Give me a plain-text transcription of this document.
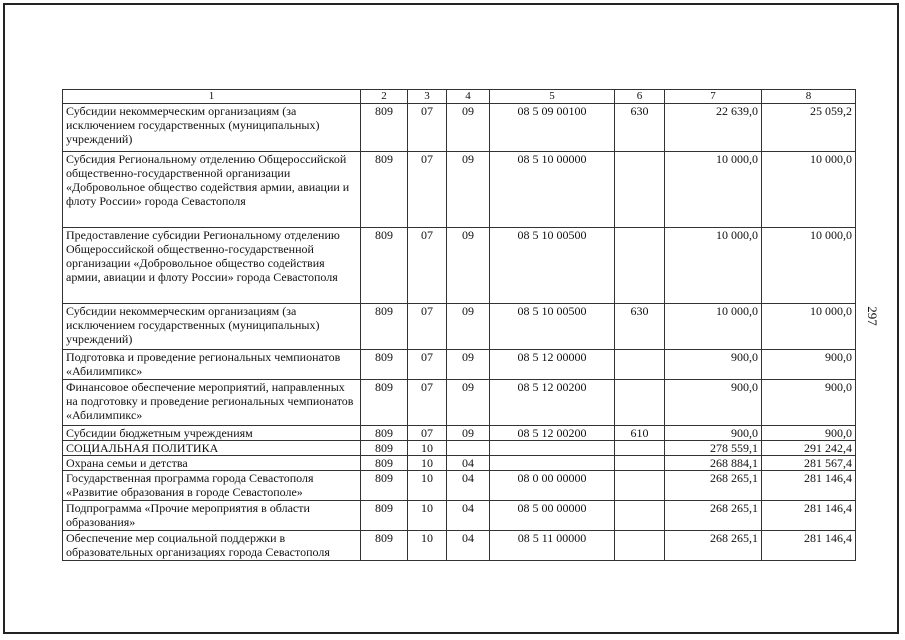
297
1	2	3	4	5	6	7	8
Субсидии некоммерческим организациям (за исключением государственных (муниципальных) учреждений)	809	07	09	08 5 09 00100	630	22 639,0	25 059,2
Субсидия Региональному отделению Общероссийской общественно-государственной организации «Добровольное общество содействия армии, авиации и флоту России» города Севастополя	809	07	09	08 5 10 00000		10 000,0	10 000,0
Предоставление субсидии Региональному отделению Общероссийской общественно-государственной организации «Добровольное общество содействия армии, авиации и флоту России» города Севастополя	809	07	09	08 5 10 00500		10 000,0	10 000,0
Субсидии некоммерческим организациям (за исключением государственных (муниципальных) учреждений)	809	07	09	08 5 10 00500	630	10 000,0	10 000,0
Подготовка и проведение региональных чемпионатов «Абилимпикс»	809	07	09	08 5 12 00000		900,0	900,0
Финансовое обеспечение мероприятий, направленных на подготовку и проведение региональных чемпионатов «Абилимпикс»	809	07	09	08 5 12 00200		900,0	900,0
Субсидии бюджетным учреждениям	809	07	09	08 5 12 00200	610	900,0	900,0
СОЦИАЛЬНАЯ ПОЛИТИКА	809	10				278 559,1	291 242,4
Охрана семьи и детства	809	10	04			268 884,1	281 567,4
Государственная программа города Севастополя «Развитие образования в городе Севастополе»	809	10	04	08 0 00 00000		268 265,1	281 146,4
Подпрограмма «Прочие мероприятия в области образования»	809	10	04	08 5 00 00000		268 265,1	281 146,4
Обеспечение мер социальной поддержки в образовательных организациях города Севастополя	809	10	04	08 5 11 00000		268 265,1	281 146,4
